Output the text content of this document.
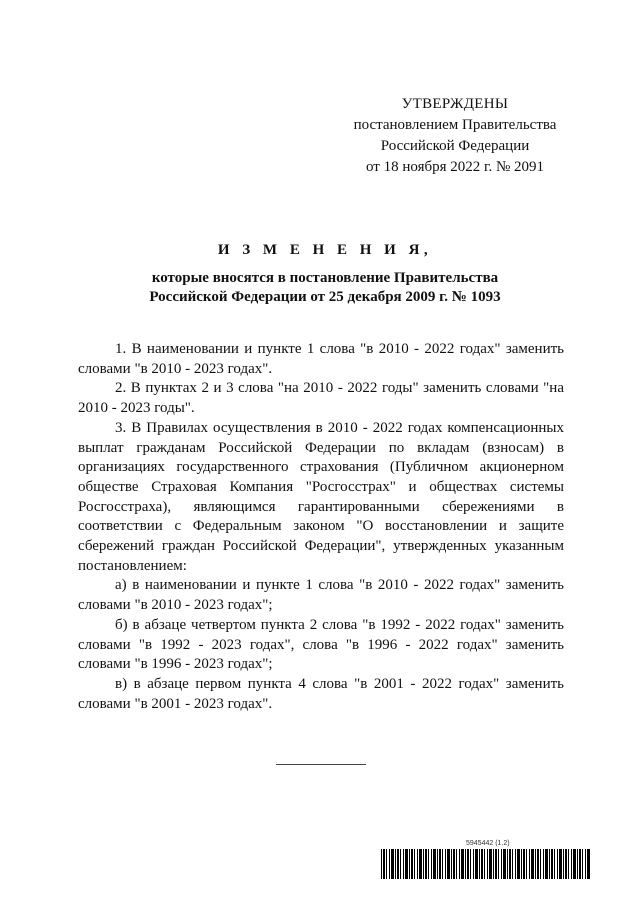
УТВЕРЖДЕНЫ
постановлением Правительства
Российской Федерации
от 18 ноября 2022 г. № 2091
И З М Е Н Е Н И Я,
которые вносятся в постановление Правительства
Российской Федерации от 25 декабря 2009 г. № 1093

1. В наименовании и пункте 1 слова "в 2010 - 2022 годах" заменить словами "в 2010 - 2023 годах".

2. В пунктах 2 и 3 слова "на 2010 - 2022 годы" заменить словами "на 2010 - 2023 годы".

3. В Правилах осуществления в 2010 - 2022 годах компенсационных выплат гражданам Российской Федерации по вкладам (взносам) в организациях государственного страхования (Публичном акционерном обществе Страховая Компания "Росгосстрах" и обществах системы Росгосстраха), являющимся гарантированными сбережениями в соответствии с Федеральным законом "О восстановлении и защите сбережений граждан Российской Федерации", утвержденных указанным постановлением:

а) в наименовании и пункте 1 слова "в 2010 - 2022 годах" заменить словами "в 2010 - 2023 годах";

б) в абзаце четвертом пункта 2 слова "в 1992 - 2022 годах" заменить словами "в 1992 - 2023 годах", слова "в 1996 - 2022 годах" заменить словами "в 1996 - 2023 годах";

в) в абзаце первом пункта 4 слова "в 2001 - 2022 годах" заменить словами "в 2001 - 2023 годах".

5945442 (1.2)
